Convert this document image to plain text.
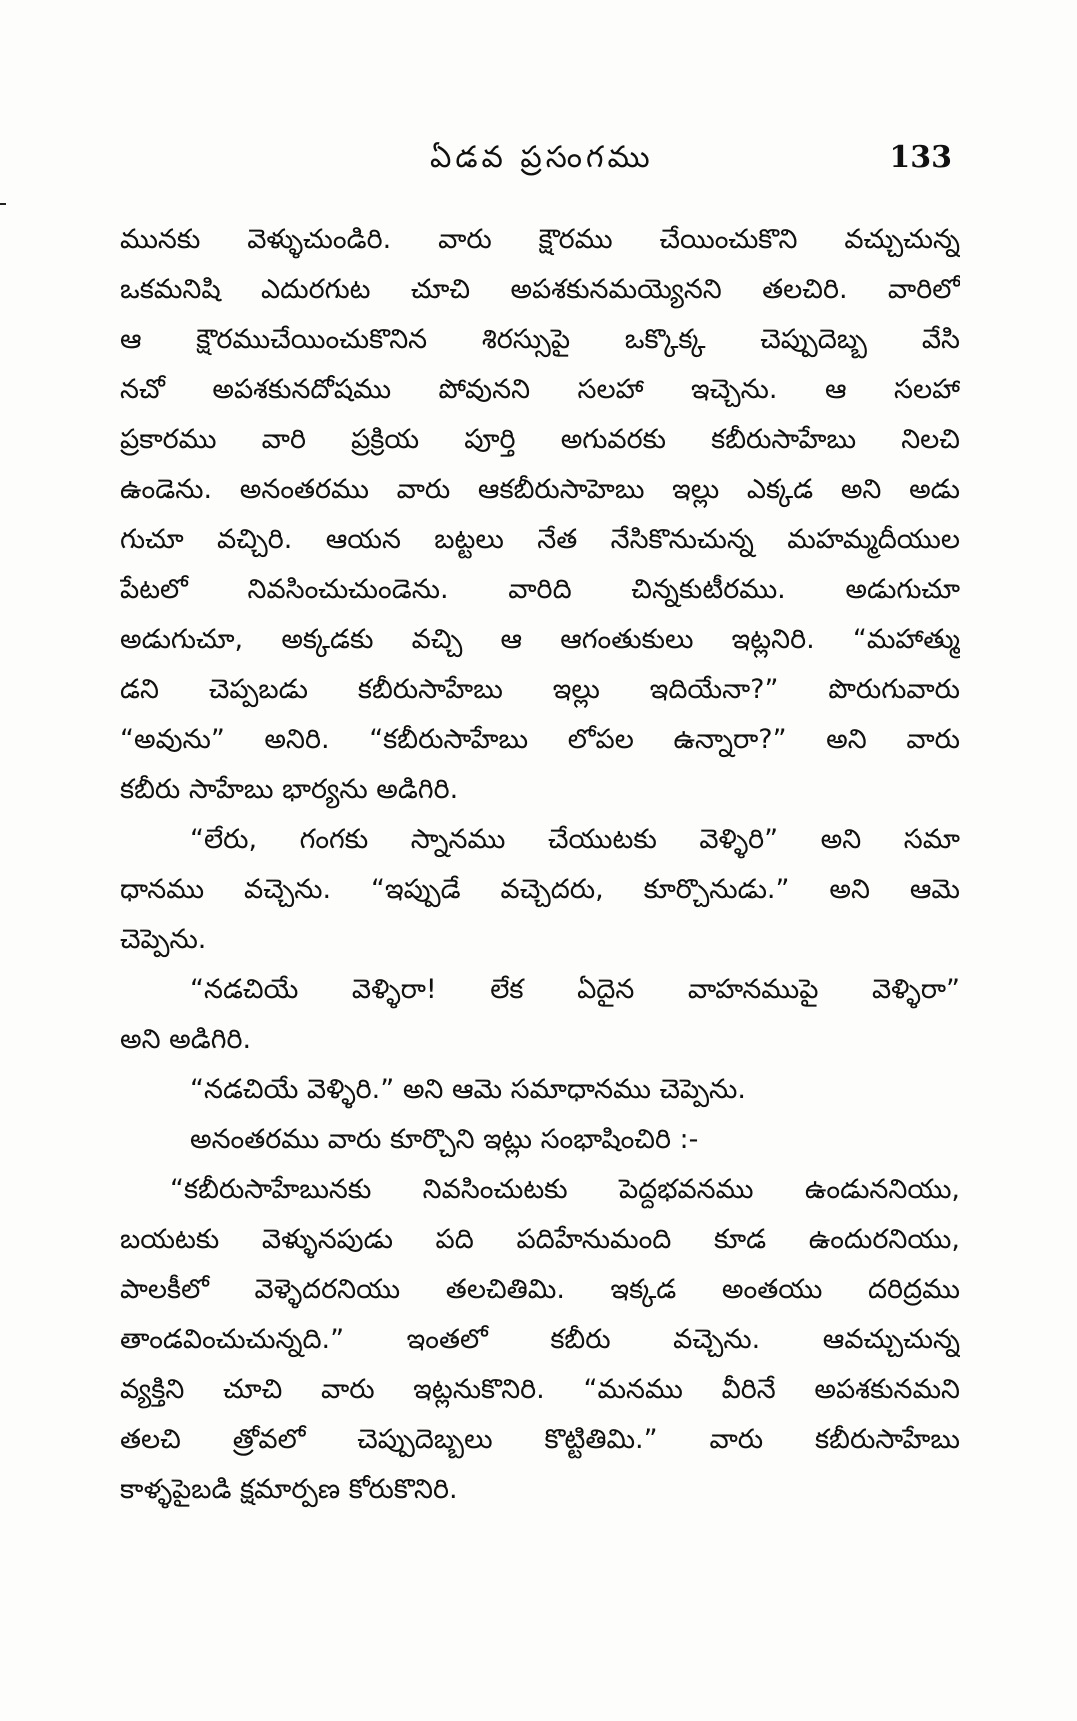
ఏడవ ప్రసంగము	133
మునకు వెళ్ళుచుండిరి. వారు క్షౌరము చేయించుకొని వచ్చుచున్న
ఒకమనిషి ఎదురగుట చూచి అపశకునమయ్యెనని తలచిరి. వారిలో
ఆ క్షౌరముచేయించుకొనిన శిరస్సుపై ఒక్కొక్క చెప్పుదెబ్బ వేసి
నచో అపశకునదోషము పోవునని సలహా ఇచ్చెను. ఆ సలహా
ప్రకారము వారి ప్రక్రియ పూర్తి అగువరకు కబీరుసాహేబు నిలచి
ఉండెను. అనంతరము వారు ఆకబీరుసాహెబు ఇల్లు ఎక్కడ అని అడు
గుచూ వచ్చిరి. ఆయన బట్టలు నేత నేసికొనుచున్న మహమ్మదీయుల
పేటలో నివసించుచుండెను. వారిది చిన్నకుటీరము. అడుగుచూ
అడుగుచూ, అక్కడకు వచ్చి ఆ ఆగంతుకులు ఇట్లనిరి. “మహాత్ము
డని చెప్పబడు కబీరుసాహేబు ఇల్లు ఇదియేనా?” పొరుగువారు
“అవును” అనిరి. “కబీరుసాహేబు లోపల ఉన్నారా?” అని వారు
కబీరు సాహేబు భార్యను అడిగిరి.
“లేరు, గంగకు స్నానము చేయుటకు వెళ్ళిరి” అని సమా
ధానము వచ్చెను. “ఇప్పుడే వచ్చెదరు, కూర్చొనుడు.” అని ఆమె
చెప్పెను.
“నడచియే వెళ్ళిరా! లేక ఏదైన వాహనముపై వెళ్ళిరా”
అని అడిగిరి.
“నడచియే వెళ్ళిరి.” అని ఆమె సమాధానము చెప్పెను.
అనంతరము వారు కూర్చొని ఇట్లు సంభాషించిరి :-
“కబీరుసాహేబునకు నివసించుటకు పెద్దభవనము ఉండుననియు,
బయటకు వెళ్ళునపుడు పది పదిహేనుమంది కూడ ఉందురనియు,
పాలకీలో వెళ్ళెదరనియు తలచితిమి. ఇక్కడ అంతయు దరిద్రము
తాండవించుచున్నది.” ఇంతలో కబీరు వచ్చెను. ఆవచ్చుచున్న
వ్యక్తిని చూచి వారు ఇట్లనుకొనిరి. “మనము వీరినే అపశకునమని
తలచి త్రోవలో చెప్పుదెబ్బలు కొట్టితిమి.” వారు కబీరుసాహేబు
కాళ్ళపైబడి క్షమార్పణ కోరుకొనిరి.
